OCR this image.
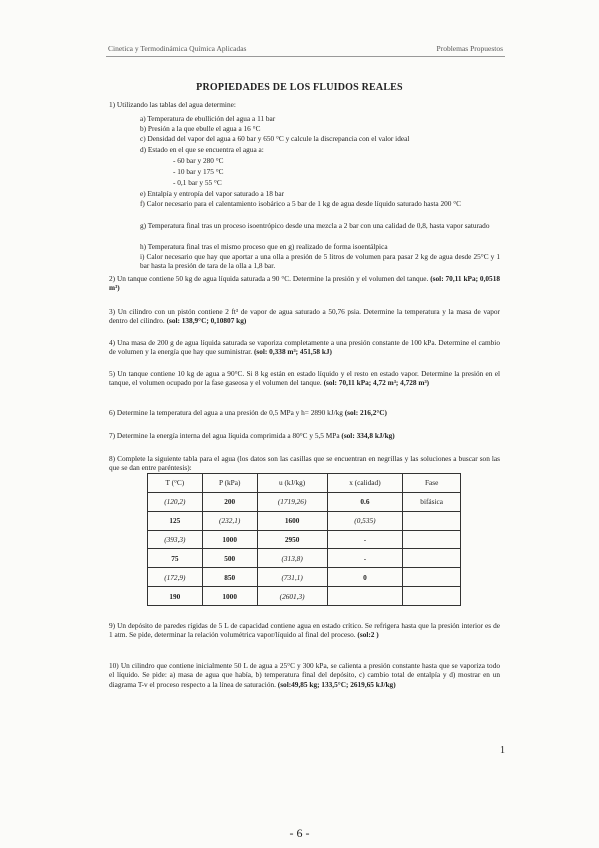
Cinetica y Termodinámica Química Aplicadas	Problemas Propuestos
PROPIEDADES DE LOS FLUIDOS REALES
1) Utilizando las tablas del agua determine:
a) Temperatura de ebullición del agua a 11 bar
b) Presión a la que ebulle el agua a 16 °C
c) Densidad del vapor del agua a 60 bar y 650 °C y calcule la discrepancia con el valor ideal
d) Estado en el que se encuentra el agua a:
- 60 bar y 280 °C
- 10 bar y 175 °C
- 0,1 bar y 55 °C
e) Entalpía y entropía del vapor saturado a 18 bar
f) Calor necesario para el calentamiento isobárico a 5 bar de 1 kg de agua desde líquido saturado hasta 200 °C
g) Temperatura final tras un proceso isoentrópico desde una mezcla a 2 bar con una calidad de 0,8, hasta vapor saturado
h) Temperatura final tras el mismo proceso que en g) realizado de forma isoentálpica
i) Calor necesario que hay que aportar a una olla a presión de 5 litros de volumen para pasar 2 kg de agua desde 25°C y 1 bar hasta la presión de tara de la olla a 1,8 bar.
2) Un tanque contiene 50 kg de agua líquida saturada a 90 °C. Determine la presión y el volumen del tanque. (sol: 70,11 kPa; 0,0518 m³)
3) Un cilindro con un pistón contiene 2 ft³ de vapor de agua saturado a 50,76 psia. Determine la temperatura y la masa de vapor dentro del cilindro. (sol: 138,9°C; 0,10807 kg)
4) Una masa de 200 g de agua líquida saturada se vaporiza completamente a una presión constante de 100 kPa. Determine el cambio de volumen y la energía que hay que suministrar. (sol: 0,338 m³; 451,58 kJ)
5) Un tanque contiene 10 kg de agua a 90°C. Si 8 kg están en estado líquido y el resto en estado vapor. Determine la presión en el tanque, el volumen ocupado por la fase gaseosa y el volumen del tanque. (sol: 70,11 kPa; 4,72 m³; 4,728 m³)
6) Determine la temperatura del agua a una presión de 0,5 MPa y h= 2890 kJ/kg (sol: 216,2°C)
7) Determine la energía interna del agua líquida comprimida a 80°C y 5,5 MPa (sol: 334,8 kJ/kg)
8) Complete la siguiente tabla para el agua (los datos son las casillas que se encuentran en negrillas y las soluciones a buscar son las que se dan entre paréntesis):
T (°C)	P (kPa)	u (kJ/kg)	x (calidad)	Fase
(120,2)	200	(1719,26)	0.6	bifásica
125	(232,1)	1600	(0,535)	
(393,3)	1000	2950	-	
75	500	(313,8)	-	
(172,9)	850	(731,1)	0	
190	1000	(2601,3)		
9) Un depósito de paredes rígidas de 5 L de capacidad contiene agua en estado crítico. Se refrigera hasta que la presión interior es de 1 atm. Se pide, determinar la relación volumétrica vapor/líquido al final del proceso. (sol:2 )
10) Un cilindro que contiene inicialmente 50 L de agua a 25°C y 300 kPa, se calienta a presión constante hasta que se vaporiza todo el líquido. Se pide: a) masa de agua que había, b) temperatura final del depósito, c) cambio total de entalpía y d) mostrar en un diagrama T-v el proceso respecto a la línea de saturación. (sol:49,85 kg; 133,5°C; 2619,65 kJ/kg)
1
- 6 -
